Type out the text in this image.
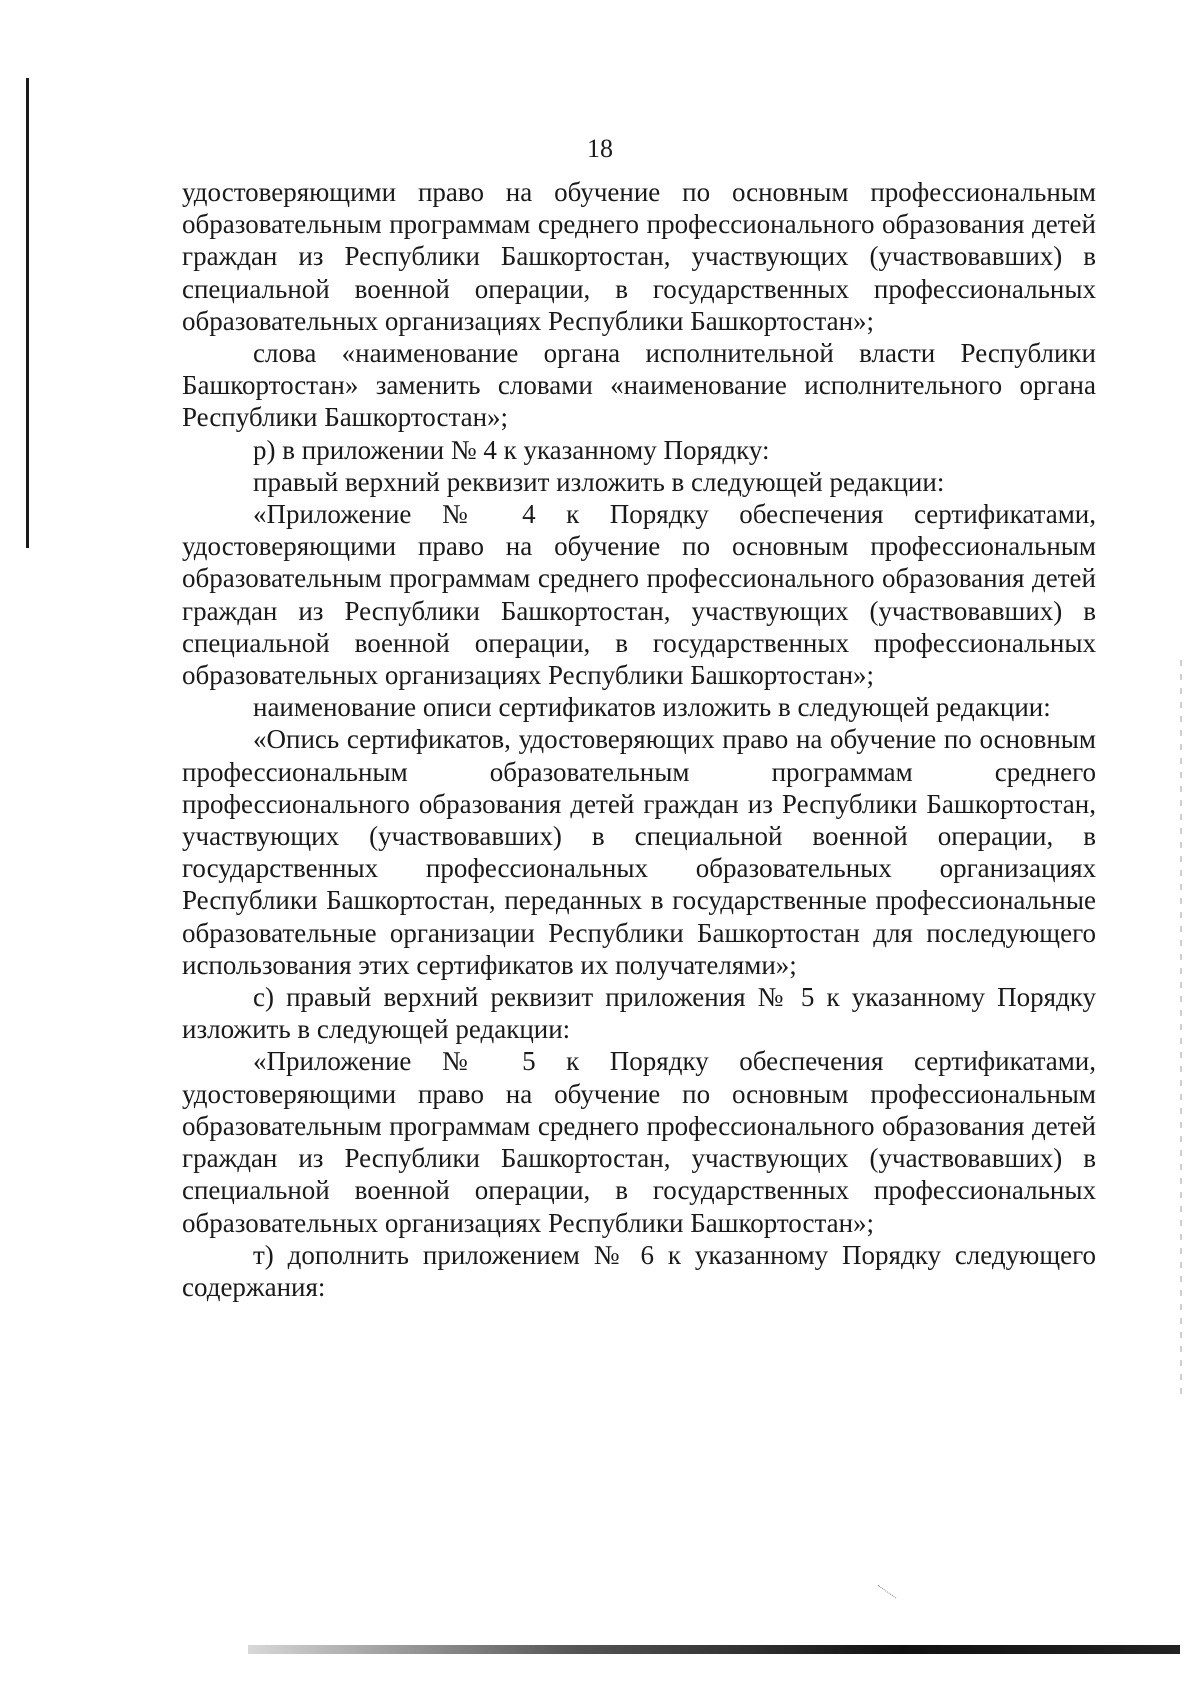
18

удостоверяющими право на обучение по основным профессиональным образовательным программам среднего профессионального образования детей граждан из Республики Башкортостан, участвующих (участвовавших) в специальной военной операции, в государственных профессиональных образовательных организациях Республики Башкортостан»;

слова «наименование органа исполнительной власти Республики Башкортостан» заменить словами «наименование исполнительного органа Республики Башкортостан»;

р) в приложении № 4 к указанному Порядку:

правый верхний реквизит изложить в следующей редакции:

«Приложение № 4 к Порядку обеспечения сертификатами, удостоверяющими право на обучение по основным профессиональным образовательным программам среднего профессионального образования детей граждан из Республики Башкортостан, участвующих (участвовавших) в специальной военной операции, в государственных профессиональных образовательных организациях Республики Башкортостан»;

наименование описи сертификатов изложить в следующей редакции:

«Опись сертификатов, удостоверяющих право на обучение по основным профессиональным образовательным программам среднего профессионального образования детей граждан из Республики Башкортостан, участвующих (участвовавших) в специальной военной операции, в государственных профессиональных образовательных организациях Республики Башкортостан, переданных в государственные профессиональные образовательные организации Республики Башкортостан для последующего использования этих сертификатов их получателями»;

с) правый верхний реквизит приложения № 5 к указанному Порядку изложить в следующей редакции:

«Приложение № 5 к Порядку обеспечения сертификатами, удостоверяющими право на обучение по основным профессиональным образовательным программам среднего профессионального образования детей граждан из Республики Башкортостан, участвующих (участвовавших) в специальной военной операции, в государственных профессиональных образовательных организациях Республики Башкортостан»;

т) дополнить приложением № 6 к указанному Порядку следующего содержания:
